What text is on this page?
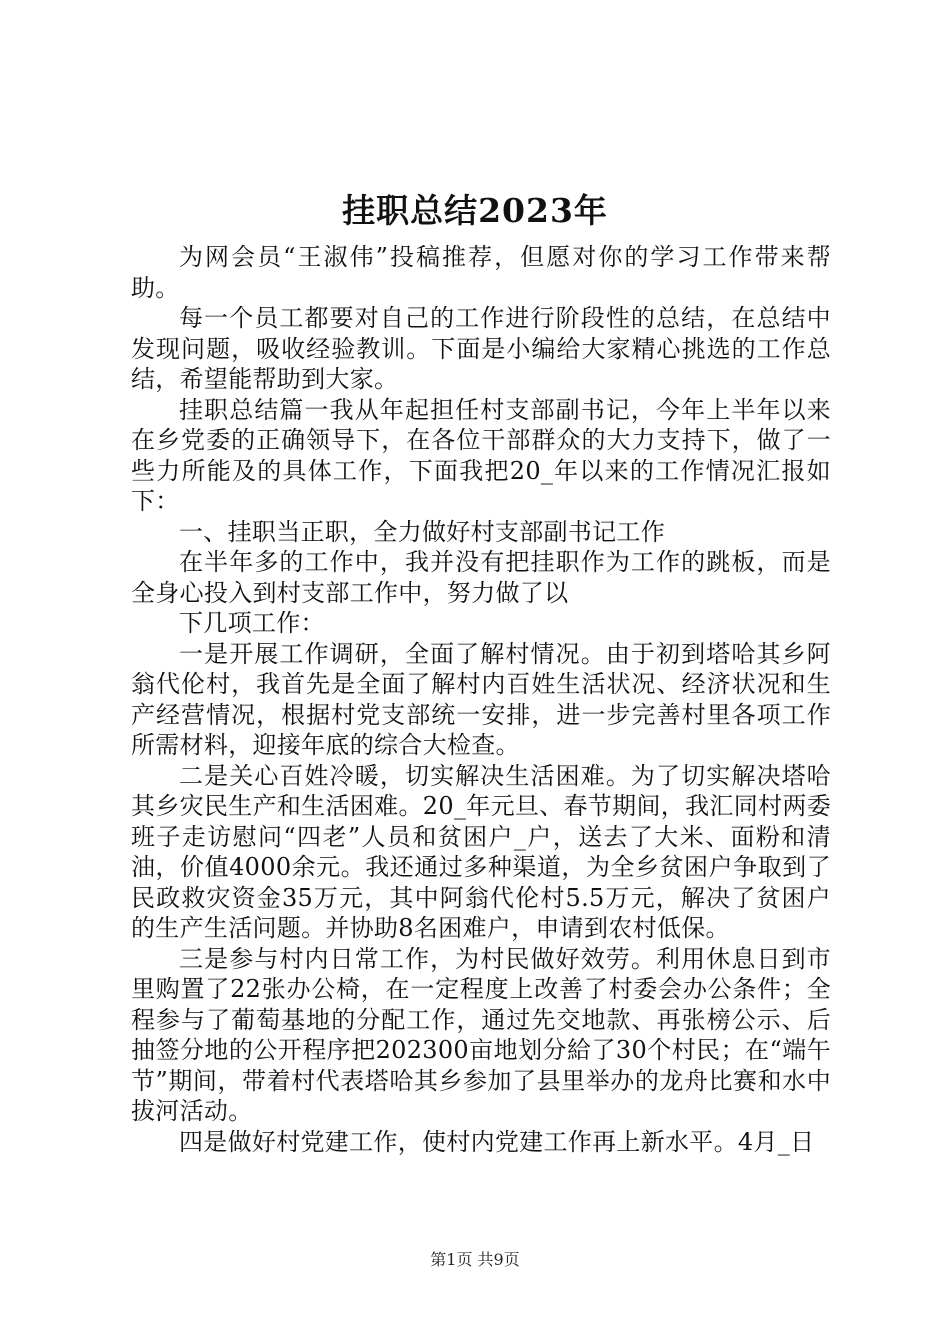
挂职总结2023年

为网会员“王淑伟”投稿推荐，但愿对你的学习工作带来帮助。

每一个员工都要对自己的工作进行阶段性的总结，在总结中发现问题，吸收经验教训。下面是小编给大家精心挑选的工作总结，希望能帮助到大家。

挂职总结篇一我从年起担任村支部副书记，今年上半年以来在乡党委的正确领导下，在各位干部群众的大力支持下，做了一些力所能及的具体工作，下面我把20_年以来的工作情况汇报如下：

一、挂职当正职，全力做好村支部副书记工作

在半年多的工作中，我并没有把挂职作为工作的跳板，而是全身心投入到村支部工作中，努力做了以

下几项工作：

一是开展工作调研，全面了解村情况。由于初到塔哈其乡阿翁代伦村，我首先是全面了解村内百姓生活状况、经济状况和生产经营情况，根据村党支部统一安排，进一步完善村里各项工作所需材料，迎接年底的综合大检查。

二是关心百姓冷暖，切实解决生活困难。为了切实解决塔哈其乡灾民生产和生活困难。20_年元旦、春节期间，我汇同村两委班子走访慰问“四老”人员和贫困户_户，送去了大米、面粉和清油，价值4000余元。我还通过多种渠道，为全乡贫困户争取到了民政救灾资金35万元，其中阿翁代伦村5.5万元，解决了贫困户的生产生活问题。并协助8名困难户，申请到农村低保。

三是参与村内日常工作，为村民做好效劳。利用休息日到市里购置了22张办公椅，在一定程度上改善了村委会办公条件；全程参与了葡萄基地的分配工作，通过先交地款、再张榜公示、后抽签分地的公开程序把202300亩地划分給了30个村民；在“端午节”期间，带着村代表塔哈其乡参加了县里举办的龙舟比赛和水中拔河活动。

四是做好村党建工作，使村内党建工作再上新水平。4月_日

第1页 共9页
